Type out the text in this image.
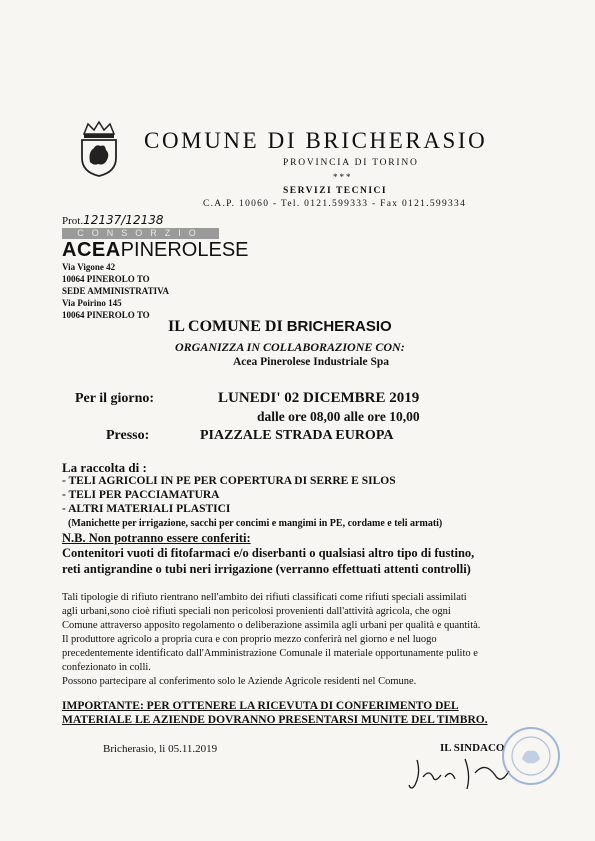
COMUNE DI BRICHERASIO
PROVINCIA DI TORINO
***
SERVIZI TECNICI
C.A.P. 10060 - Tel. 0121.599333 - Fax 0121.599334
Prot.12137/12138
CONSORZIO
ACEAPINEROLESE
Via Vigone 42
10064 PINEROLO TO
SEDE AMMINISTRATIVA
Via Poirino 145
10064 PINEROLO TO
IL COMUNE DI BRICHERASIO
ORGANIZZA IN COLLABORAZIONE CON:
Acea Pinerolese Industriale Spa
Per il giorno:	LUNEDI' 02 DICEMBRE 2019
dalle ore 08,00 alle ore 10,00
Presso:	PIAZZALE STRADA EUROPA
La raccolta di :
- TELI AGRICOLI IN PE PER COPERTURA DI SERRE E SILOS
- TELI PER PACCIAMATURA
- ALTRI MATERIALI PLASTICI
(Manichette per irrigazione, sacchi per concimi e mangimi in PE, cordame e teli armati)
N.B. Non potranno essere conferiti:
Contenitori vuoti di fitofarmaci e/o diserbanti o qualsiasi altro tipo di fustino,
reti antigrandine o tubi neri irrigazione (verranno effettuati attenti controlli)
Tali tipologie di rifiuto rientrano nell'ambito dei rifiuti classificati come rifiuti speciali assimilati
agli urbani,sono cioè rifiuti speciali non pericolosi provenienti dall'attività agricola, che ogni
Comune attraverso apposito regolamento o deliberazione assimila agli urbani per qualità e quantità.
Il produttore agricolo a propria cura e con proprio mezzo conferirà nel giorno e nel luogo
precedentemente identificato dall'Amministrazione Comunale il materiale opportunamente pulito e
confezionato in colli.
Possono partecipare al conferimento solo le Aziende Agricole residenti nel Comune.
IMPORTANTE: PER OTTENERE LA RICEVUTA DI CONFERIMENTO DEL
MATERIALE LE AZIENDE DOVRANNO PRESENTARSI MUNITE DEL TIMBRO.
Bricherasio, li 05.11.2019	IL SINDACO
